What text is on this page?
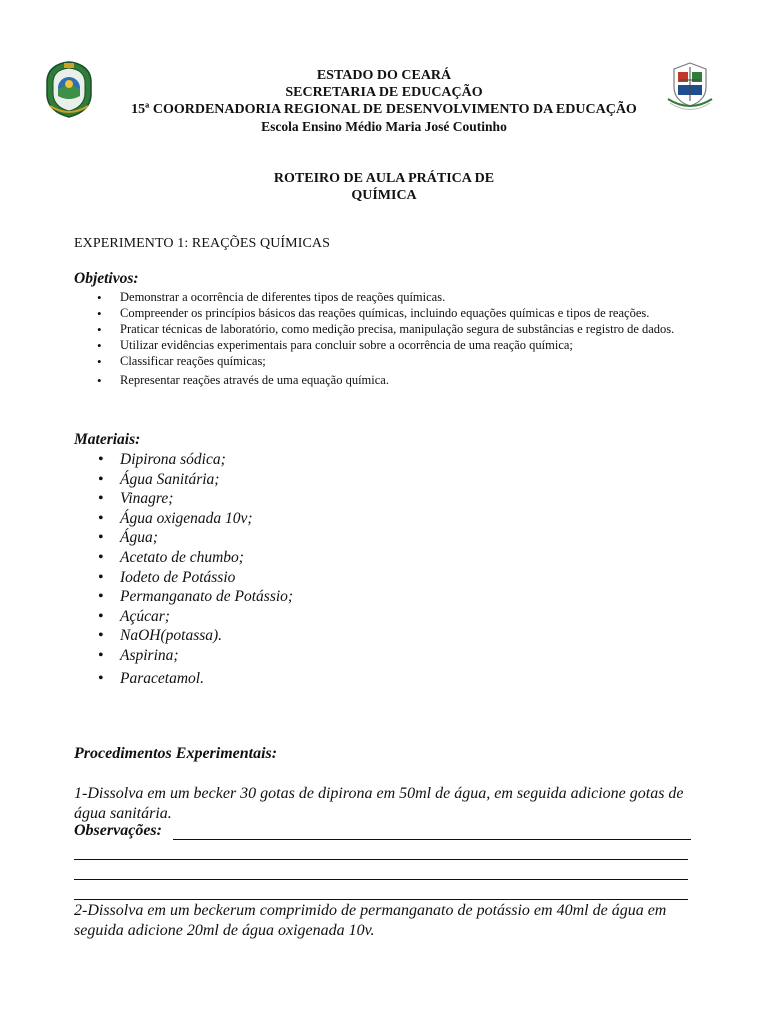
ESTADO DO CEARÁ
SECRETARIA DE EDUCAÇÃO
15ª COORDENADORIA REGIONAL DE DESENVOLVIMENTO DA EDUCAÇÃO
Escola Ensino Médio Maria José Coutinho
ROTEIRO DE AULA PRÁTICA DE
QUÍMICA
EXPERIMENTO 1: REAÇÕES QUÍMICAS
Objetivos:
• Demonstrar a ocorrência de diferentes tipos de reações químicas.
• Compreender os princípios básicos das reações químicas, incluindo equações químicas e tipos de reações.
• Praticar técnicas de laboratório, como medição precisa, manipulação segura de substâncias e registro de dados.
• Utilizar evidências experimentais para concluir sobre a ocorrência de uma reação química;
• Classificar reações químicas;
• Representar reações através de uma equação química.
Materiais:
• Dipirona sódica;
• Água Sanitária;
• Vinagre;
• Água oxigenada 10v;
• Água;
• Acetato de chumbo;
• Iodeto de Potássio
• Permanganato de Potássio;
• Açúcar;
• NaOH(potassa).
• Aspirina;
• Paracetamol.
Procedimentos Experimentais:
1-Dissolva em um becker 30 gotas de dipirona em 50ml de água, em seguida adicione gotas de água sanitária.
Observações:
2-Dissolva em um beckerum comprimido de permanganato de potássio em 40ml de água em seguida adicione 20ml de água oxigenada 10v.
